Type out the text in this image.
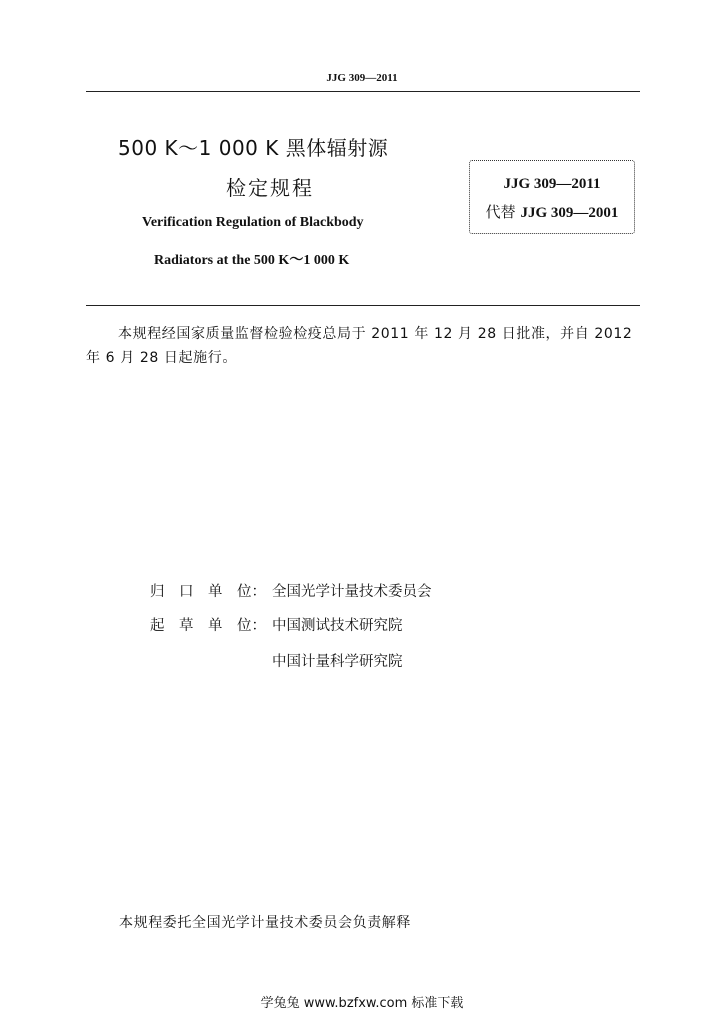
JJG 309—2011
500 K～1 000 K 黑体辐射源
检定规程
Verification Regulation of Blackbody
Radiators at the 500 K～1 000 K
JJG 309—2011
代替 JJG 309—2001
本规程经国家质量监督检验检疫总局于 2011 年 12 月 28 日批准，并自 2012 年 6 月 28 日起施行。
归 口 单 位： 全国光学计量技术委员会
起 草 单 位： 中国测试技术研究院
中国计量科学研究院
本规程委托全国光学计量技术委员会负责解释
学兔兔 www.bzfxw.com 标准下载
